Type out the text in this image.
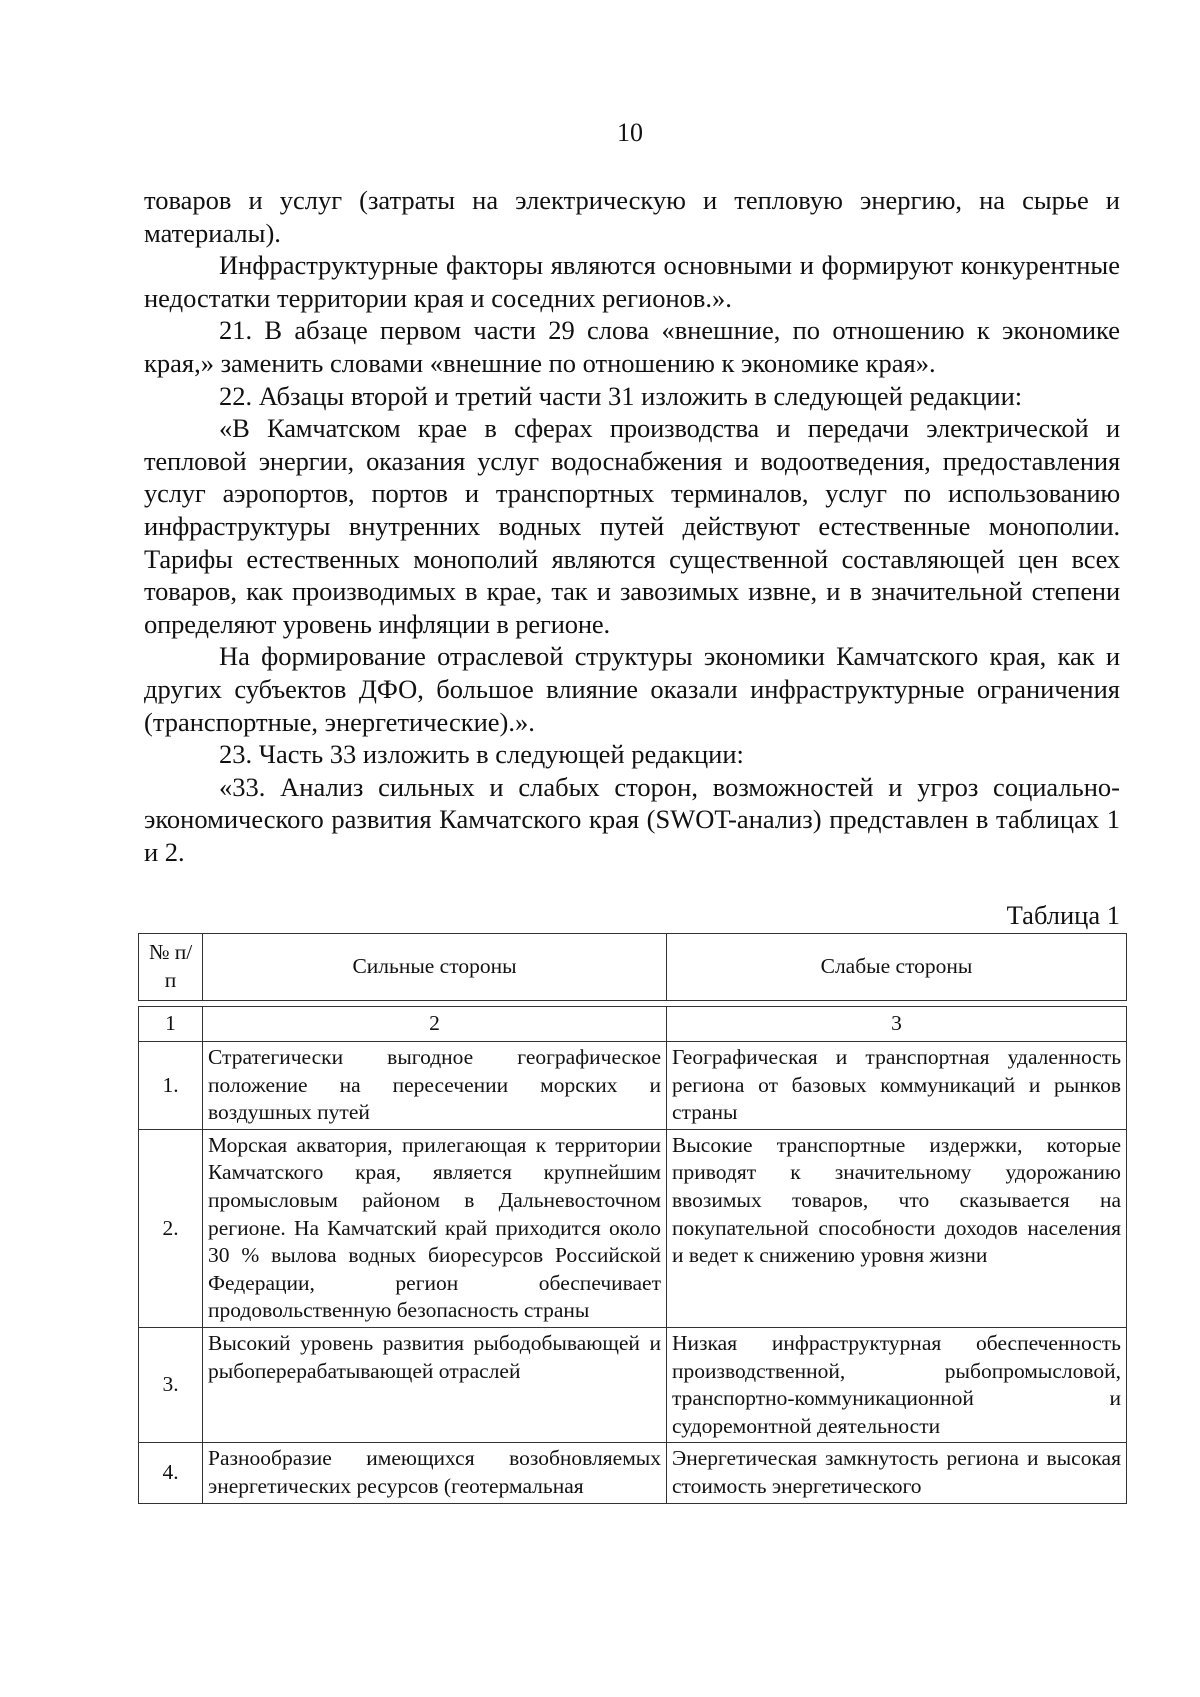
10

товаров и услуг (затраты на электрическую и тепловую энергию, на сырье и материалы).

Инфраструктурные факторы являются основными и формируют конкурентные недостатки территории края и соседних регионов.».

21. В абзаце первом части 29 слова «внешние, по отношению к экономике края,» заменить словами «внешние по отношению к экономике края».

22. Абзацы второй и третий части 31 изложить в следующей редакции:

«В Камчатском крае в сферах производства и передачи электрической и тепловой энергии, оказания услуг водоснабжения и водоотведения, предоставления услуг аэропортов, портов и транспортных терминалов, услуг по использованию инфраструктуры внутренних водных путей действуют естественные монополии. Тарифы естественных монополий являются существенной составляющей цен всех товаров, как производимых в крае, так и завозимых извне, и в значительной степени определяют уровень инфляции в регионе.

На формирование отраслевой структуры экономики Камчатского края, как и других субъектов ДФО, большое влияние оказали инфраструктурные ограничения (транспортные, энергетические).».

23. Часть 33 изложить в следующей редакции:

«33. Анализ сильных и слабых сторон, возможностей и угроз социально-экономического развития Камчатского края (SWOT-анализ) представлен в таблицах 1 и 2.

Таблица 1
№ п/п	Сильные стороны	Слабые стороны

1	2	3
1.	Стратегически выгодное географическое положение на пересечении морских и воздушных путей	Географическая и транспортная удаленность региона от базовых коммуникаций и рынков страны
2.	Морская акватория, прилегающая к территории Камчатского края, является крупнейшим промысловым районом в Дальневосточном регионе. На Камчатский край приходится около 30 % вылова водных биоресурсов Российской Федерации, регион обеспечивает продовольственную безопасность страны	Высокие транспортные издержки, которые приводят к значительному удорожанию ввозимых товаров, что сказывается на покупательной способности доходов населения и ведет к снижению уровня жизни
3.	Высокий уровень развития рыбодобывающей и рыбоперерабатывающей отраслей	Низкая инфраструктурная обеспеченность производственной, рыбопромысловой, транспортно-коммуникационной и судоремонтной деятельности
4.	Разнообразие имеющихся возобновляемых энергетических ресурсов (геотермальная	Энергетическая замкнутость региона и высокая стоимость энергетического
